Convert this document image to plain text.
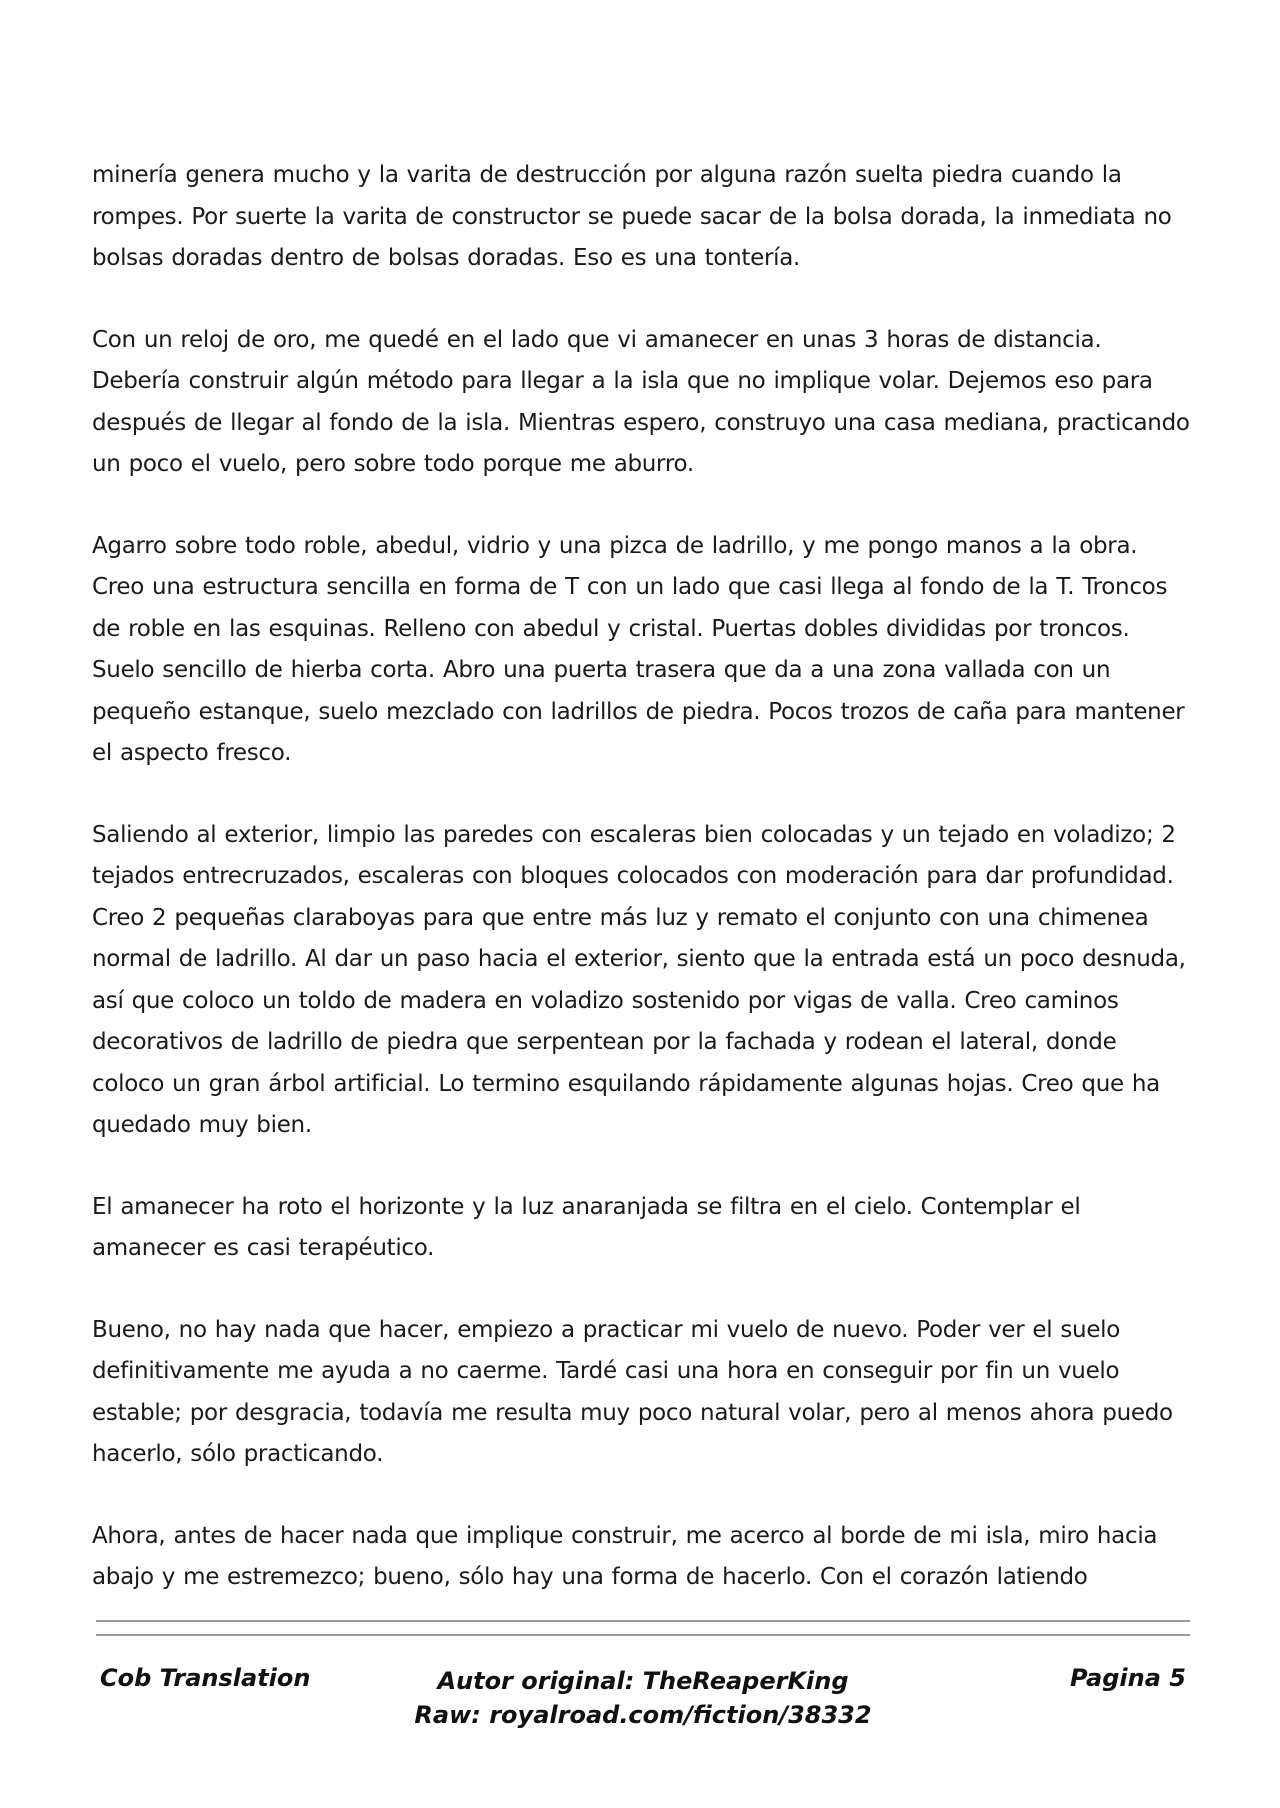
minería genera mucho y la varita de destrucción por alguna razón suelta piedra cuando la rompes. Por suerte la varita de constructor se puede sacar de la bolsa dorada, la inmediata no bolsas doradas dentro de bolsas doradas. Eso es una tontería.

Con un reloj de oro, me quedé en el lado que vi amanecer en unas 3 horas de distancia. Debería construir algún método para llegar a la isla que no implique volar. Dejemos eso para después de llegar al fondo de la isla. Mientras espero, construyo una casa mediana, practicando un poco el vuelo, pero sobre todo porque me aburro.

Agarro sobre todo roble, abedul, vidrio y una pizca de ladrillo, y me pongo manos a la obra. Creo una estructura sencilla en forma de T con un lado que casi llega al fondo de la T. Troncos de roble en las esquinas. Relleno con abedul y cristal. Puertas dobles divididas por troncos. Suelo sencillo de hierba corta. Abro una puerta trasera que da a una zona vallada con un pequeño estanque, suelo mezclado con ladrillos de piedra. Pocos trozos de caña para mantener el aspecto fresco.

Saliendo al exterior, limpio las paredes con escaleras bien colocadas y un tejado en voladizo; 2 tejados entrecruzados, escaleras con bloques colocados con moderación para dar profundidad. Creo 2 pequeñas claraboyas para que entre más luz y remato el conjunto con una chimenea normal de ladrillo. Al dar un paso hacia el exterior, siento que la entrada está un poco desnuda, así que coloco un toldo de madera en voladizo sostenido por vigas de valla. Creo caminos decorativos de ladrillo de piedra que serpentean por la fachada y rodean el lateral, donde coloco un gran árbol artificial. Lo termino esquilando rápidamente algunas hojas. Creo que ha quedado muy bien.

El amanecer ha roto el horizonte y la luz anaranjada se filtra en el cielo. Contemplar el amanecer es casi terapéutico.

Bueno, no hay nada que hacer, empiezo a practicar mi vuelo de nuevo. Poder ver el suelo definitivamente me ayuda a no caerme. Tardé casi una hora en conseguir por fin un vuelo estable; por desgracia, todavía me resulta muy poco natural volar, pero al menos ahora puedo hacerlo, sólo practicando.

Ahora, antes de hacer nada que implique construir, me acerco al borde de mi isla, miro hacia abajo y me estremezco; bueno, sólo hay una forma de hacerlo. Con el corazón latiendo

Cob Translation	Autor original: TheReaperKing
Raw: royalroad.com/fiction/38332
Pagina 5
